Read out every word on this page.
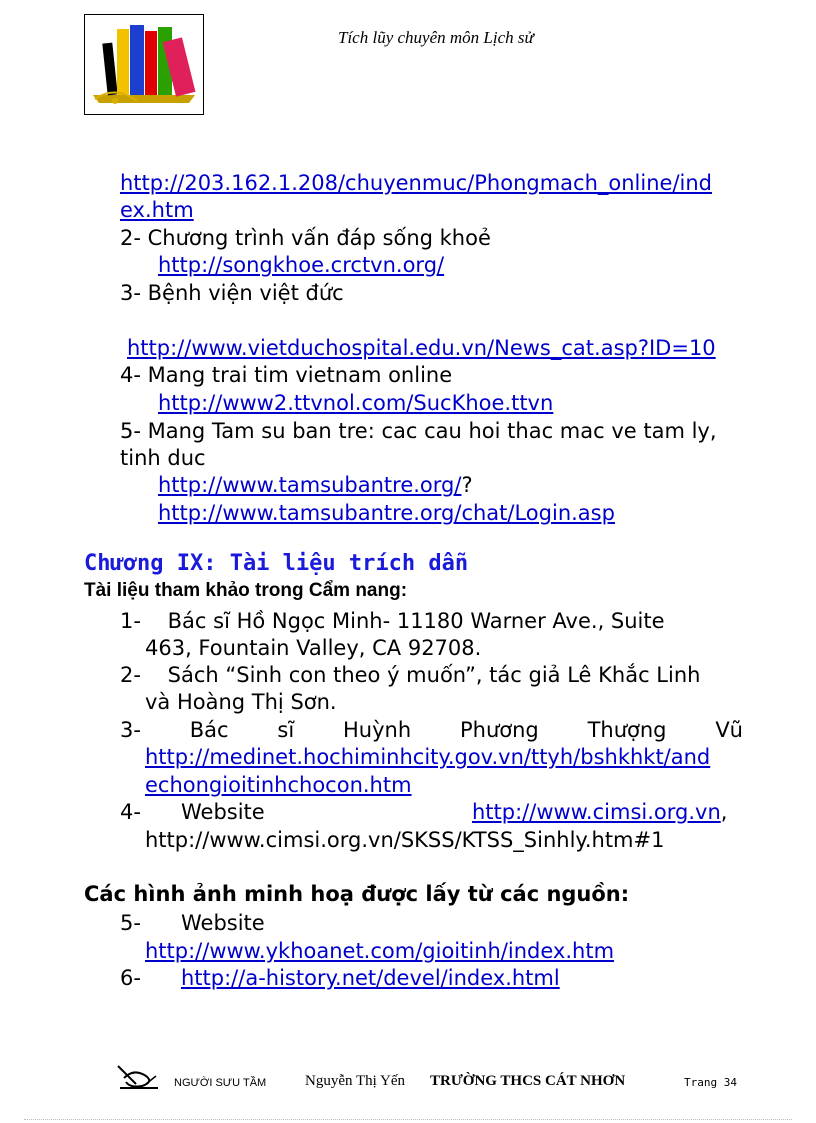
Tích lũy chuyên môn Lịch sử
http://203.162.1.208/chuyenmuc/Phongmach_online/ind
ex.htm
2- Chương trình vấn đáp sống khoẻ
http://songkhoe.crctvn.org/
3- Bệnh viện việt đức
http://www.vietduchospital.edu.vn/News_cat.asp?ID=10
4- Mang trai tim vietnam online
http://www2.ttvnol.com/SucKhoe.ttvn
5- Mang Tam su ban tre: cac cau hoi thac mac ve tam ly,
tinh duc
http://www.tamsubantre.org/?
http://www.tamsubantre.org/chat/Login.asp
Chương IX: Tài liệu trích dẫn
Tài liệu tham khảo trong Cẩm nang:
1-    Bác sĩ Hồ Ngọc Minh- 11180 Warner Ave., Suite
463, Fountain Valley, CA 92708.
2-    Sách “Sinh con theo ý muốn”, tác giả Lê Khắc Linh
và Hoàng Thị Sơn.
3- Bác sĩ Huỳnh Phương Thượng Vũ
http://medinet.hochiminhcity.gov.vn/ttyh/bshkhkt/and
echongioitinhchocon.htm
4- Website	http://www.cimsi.org.vn,
http://www.cimsi.org.vn/SKSS/KTSS_Sinhly.htm#1
Các hình ảnh minh hoạ được lấy từ các nguồn:
5-      Website
http://www.ykhoanet.com/gioitinh/index.htm
6- http://a-history.net/devel/index.html
NGƯỜI SƯU TẦM	Nguyễn Thị Yến TRƯỜNG THCS CÁT NHƠN	Trang 34
